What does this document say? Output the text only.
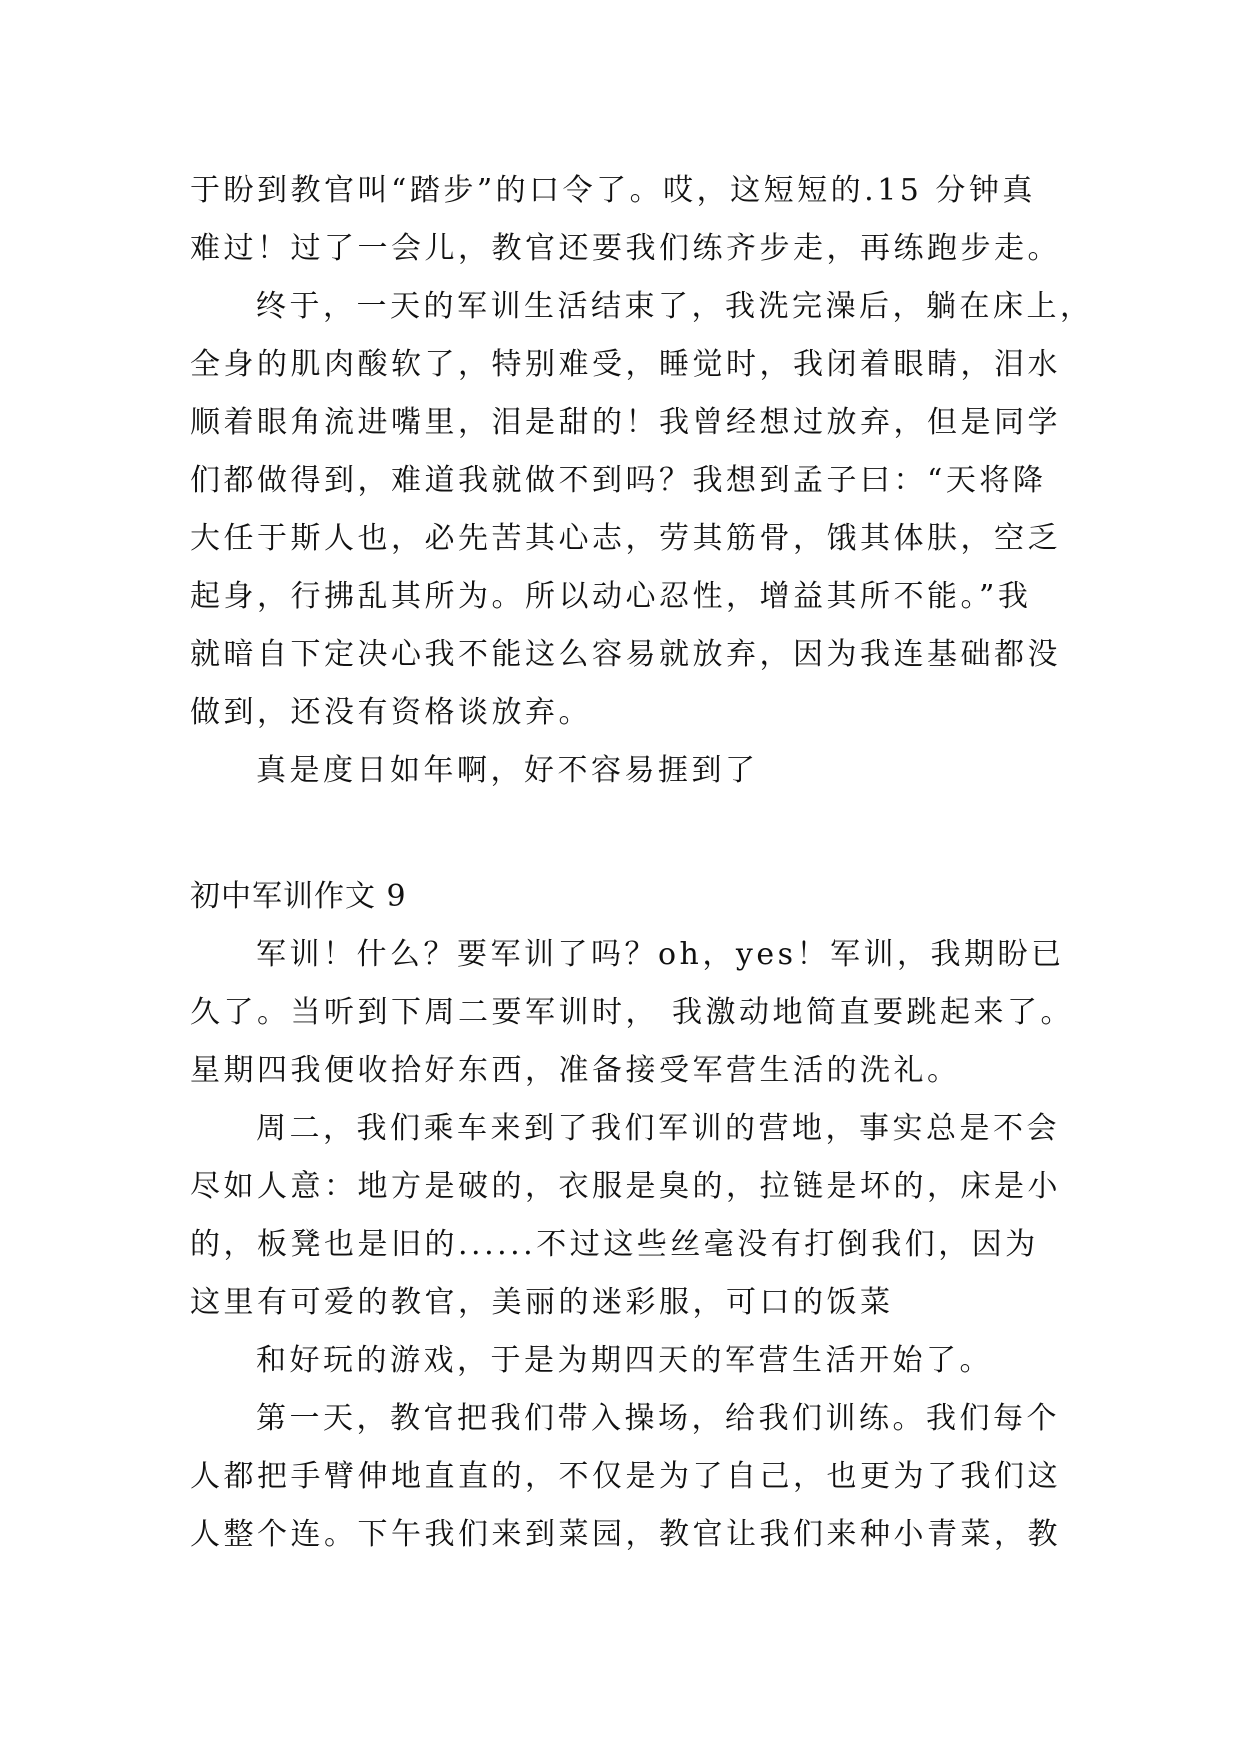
于盼到教官叫“踏步”的口令了。哎，这短短的.15 分钟真
难过！过了一会儿，教官还要我们练齐步走，再练跑步走。
终于，一天的军训生活结束了，我洗完澡后，躺在床上，
全身的肌肉酸软了，特别难受，睡觉时，我闭着眼睛，泪水
顺着眼角流进嘴里，泪是甜的！我曾经想过放弃，但是同学
们都做得到，难道我就做不到吗？我想到孟子曰：“天将降
大任于斯人也，必先苦其心志，劳其筋骨，饿其体肤，空乏
起身，行拂乱其所为。所以动心忍性，增益其所不能。”我
就暗自下定决心我不能这么容易就放弃，因为我连基础都没
做到，还没有资格谈放弃。
真是度日如年啊，好不容易捱到了
初中军训作文 9
军训！什么？要军训了吗？oh，yes！军训，我期盼已
久了。当听到下周二要军训时， 我激动地简直要跳起来了。
星期四我便收拾好东西，准备接受军营生活的洗礼。
周二，我们乘车来到了我们军训的营地，事实总是不会
尽如人意：地方是破的，衣服是臭的，拉链是坏的，床是小
的，板凳也是旧的......不过这些丝毫没有打倒我们，因为
这里有可爱的教官，美丽的迷彩服，可口的饭菜
和好玩的游戏，于是为期四天的军营生活开始了。
第一天，教官把我们带入操场，给我们训练。我们每个
人都把手臂伸地直直的，不仅是为了自己，也更为了我们这
人整个连。下午我们来到菜园，教官让我们来种小青菜，教
